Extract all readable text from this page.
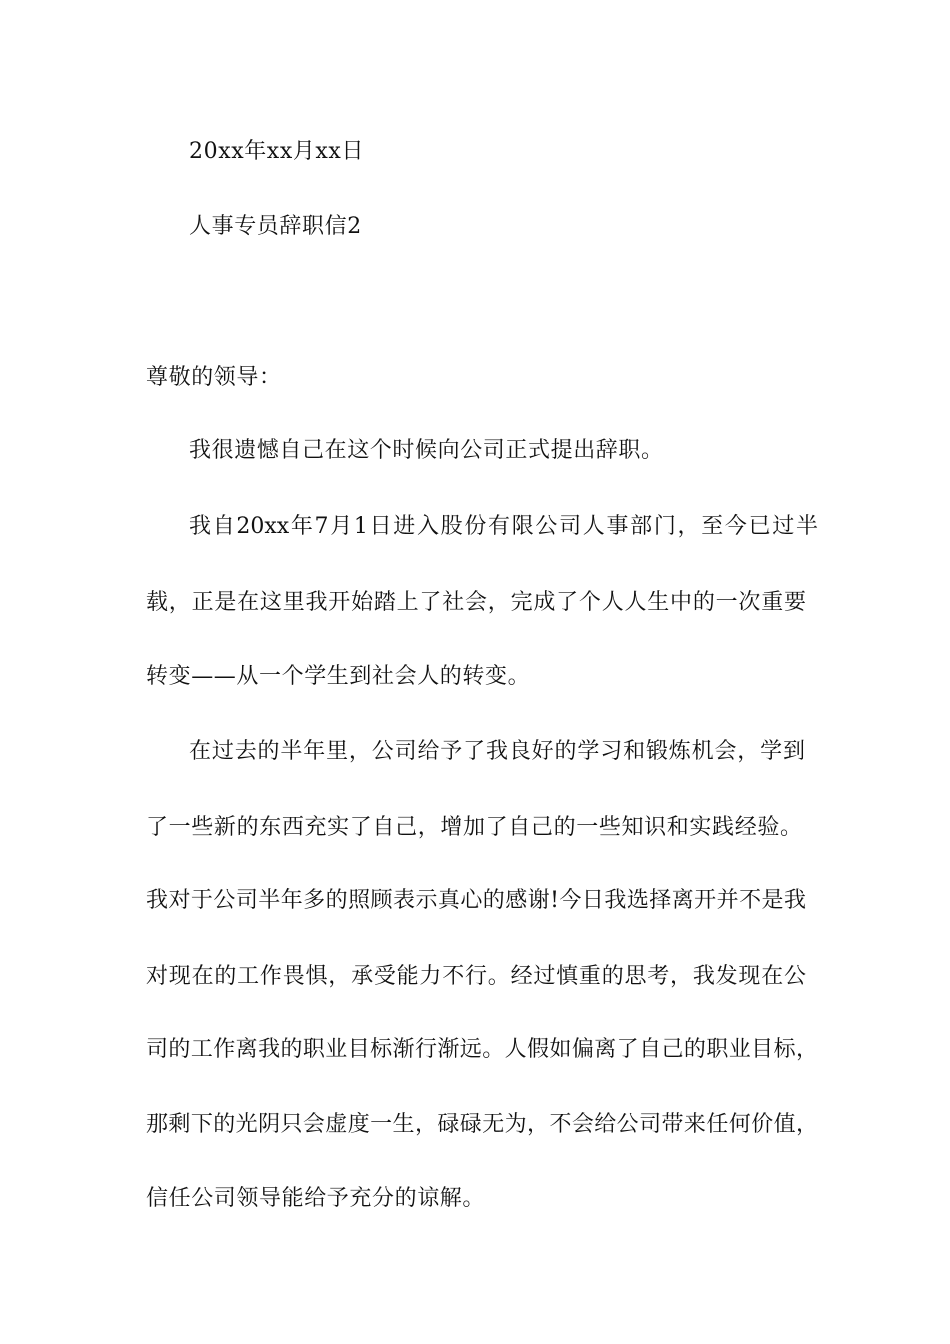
20xx年xx月xx日
人事专员辞职信2
尊敬的领导：
我很遗憾自己在这个时候向公司正式提出辞职。
我自20xx年7月1日进入股份有限公司人事部门，至今已过半
载，正是在这里我开始踏上了社会，完成了个人人生中的一次重要
转变——从一个学生到社会人的转变。
在过去的半年里，公司给予了我良好的学习和锻炼机会，学到
了一些新的东西充实了自己，增加了自己的一些知识和实践经验。
我对于公司半年多的照顾表示真心的感谢!今日我选择离开并不是我
对现在的工作畏惧，承受能力不行。经过慎重的思考，我发现在公
司的工作离我的职业目标渐行渐远。人假如偏离了自己的职业目标，
那剩下的光阴只会虚度一生，碌碌无为，不会给公司带来任何价值，
信任公司领导能给予充分的谅解。
